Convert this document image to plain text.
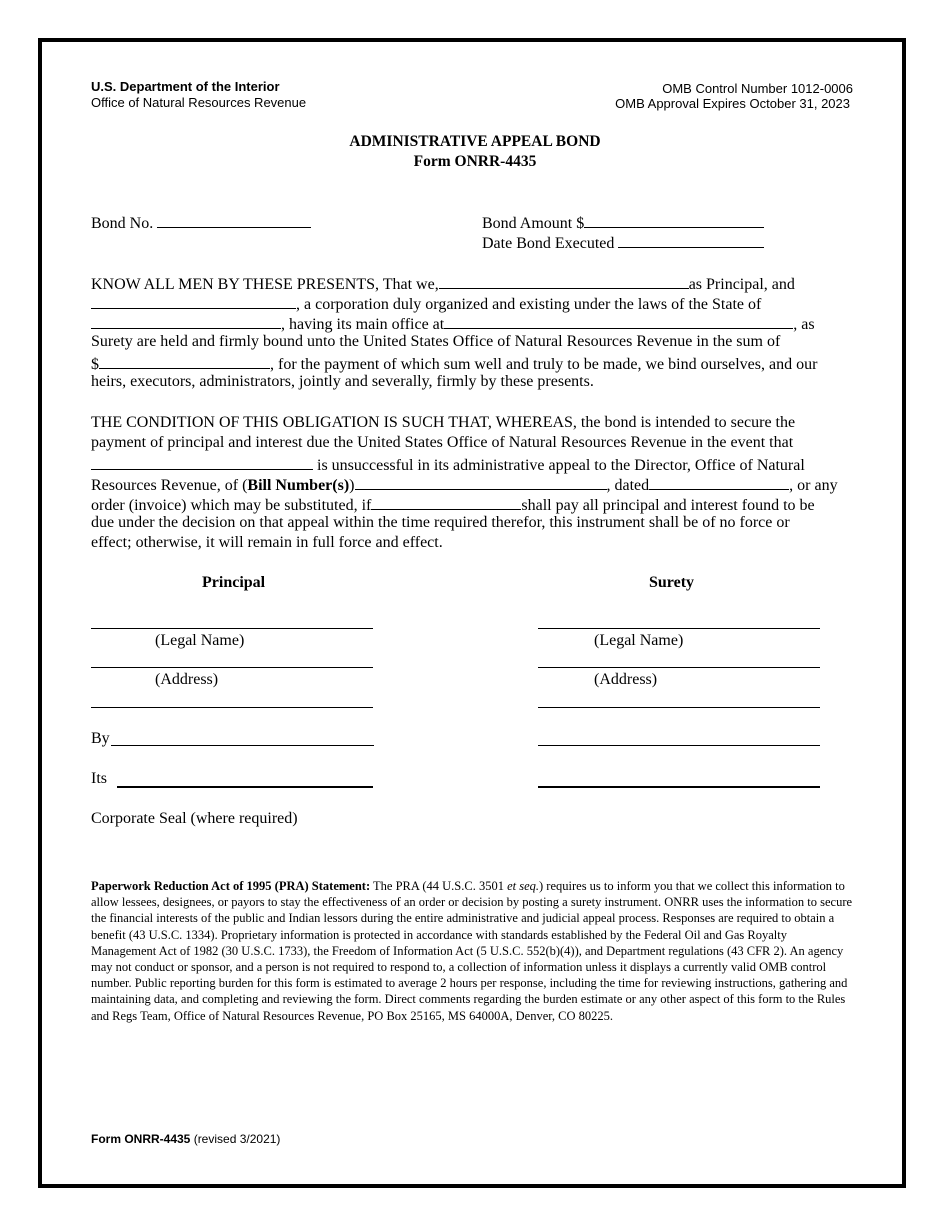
U.S. Department of the Interior
Office of Natural Resources Revenue
OMB Control Number 1012-0006
OMB Approval Expires October 31, 2023
ADMINISTRATIVE APPEAL BOND
Form ONRR-4435
Bond No.	Bond Amount $
Date Bond Executed
KNOW ALL MEN BY THESE PRESENTS, That we,	as Principal, and
, a corporation duly organized and existing under the laws of the State of
, having its main office at	, as
Surety are held and firmly bound unto the United States Office of Natural Resources Revenue in the sum of
$	, for the payment of which sum well and truly to be made, we bind ourselves, and our
heirs, executors, administrators, jointly and severally, firmly by these presents.
THE CONDITION OF THIS OBLIGATION IS SUCH THAT, WHEREAS, the bond is intended to secure the
payment of principal and interest due the United States Office of Natural Resources Revenue in the event that
is unsuccessful in its administrative appeal to the Director, Office of Natural
Resources Revenue, of (Bill Number(s))	, dated	, or any
order (invoice) which may be substituted, if	shall pay all principal and interest found to be
due under the decision on that appeal within the time required therefor, this instrument shall be of no force or
effect; otherwise, it will remain in full force and effect.
Principal	Surety
(Legal Name)	(Legal Name)
(Address)	(Address)
By
Its
Corporate Seal (where required)
Paperwork Reduction Act of 1995 (PRA) Statement: The PRA (44 U.S.C. 3501 et seq.) requires us to inform you that we collect this information to allow lessees, designees, or payors to stay the effectiveness of an order or decision by posting a surety instrument. ONRR uses the information to secure the financial interests of the public and Indian lessors during the entire administrative and judicial appeal process. Responses are required to obtain a benefit (43 U.S.C. 1334). Proprietary information is protected in accordance with standards established by the Federal Oil and Gas Royalty Management Act of 1982 (30 U.S.C. 1733), the Freedom of Information Act (5 U.S.C. 552(b)(4)), and Department regulations (43 CFR 2). An agency may not conduct or sponsor, and a person is not required to respond to, a collection of information unless it displays a currently valid OMB control number. Public reporting burden for this form is estimated to average 2 hours per response, including the time for reviewing instructions, gathering and maintaining data, and completing and reviewing the form. Direct comments regarding the burden estimate or any other aspect of this form to the Rules and Regs Team, Office of Natural Resources Revenue, PO Box 25165, MS 64000A, Denver, CO 80225.
Form ONRR-4435 (revised 3/2021)
